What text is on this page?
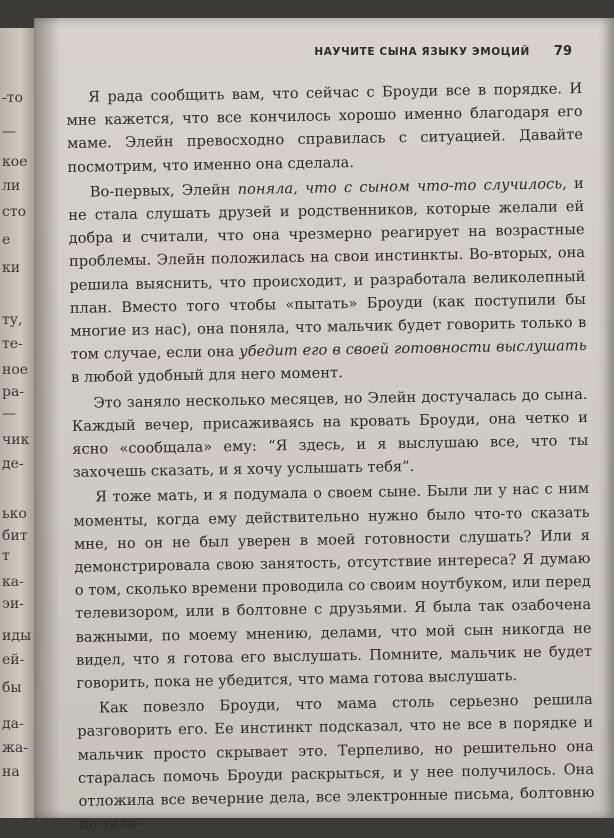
-то
—
кое
ли
сто
е
ки
ту,
те-
ное
ра-
—
чик
де-
ько
бит
т
ка-
эи-
иды
ей-
бы
да-
жа-
на
НАУЧИТЕ СЫНА ЯЗЫКУ ЭМОЦИЙ 79

Я рада сообщить вам, что сейчас с Броуди все в порядке. И мне кажется, что все кончилось хорошо именно благодаря его маме. Элейн превосходно справилась с ситуацией. Давайте посмотрим, что именно она сделала.

Во-первых, Элейн поняла, что с сыном что-то случилось, и не стала слушать друзей и родственников, которые желали ей добра и считали, что она чрезмерно реагирует на возрастные проблемы. Элейн положилась на свои инстинкты. Во-вторых, она решила выяснить, что происходит, и разработала великолепный план. Вместо того чтобы «пытать» Броуди (как поступили бы многие из нас), она поняла, что мальчик будет говорить только в том случае, если она убедит его в своей готовности выслушать в любой удобный для него момент.

Это заняло несколько месяцев, но Элейн достучалась до сына. Каждый вечер, присаживаясь на кровать Броуди, она четко и ясно «сообщала» ему: “Я здесь, и я выслушаю все, что ты захочешь сказать, и я хочу услышать тебя”.

Я тоже мать, и я подумала о своем сыне. Были ли у нас с ним моменты, когда ему действительно нужно было что-то сказать мне, но он не был уверен в моей готовности слушать? Или я демонстрировала свою занятость, отсутствие интереса? Я думаю о том, сколько времени проводила со своим ноутбуком, или перед телевизором, или в болтовне с друзьями. Я была так озабочена важными, по моему мнению, делами, что мой сын никогда не видел, что я готова его выслушать. Помните, мальчик не будет говорить, пока не убедится, что мама готова выслушать.

Как повезло Броуди, что мама столь серьезно решила разговорить его. Ее инстинкт подсказал, что не все в порядке и мальчик просто скрывает это. Терпеливо, но решительно она старалась помочь Броуди раскрыться, и у нее получилось. Она отложила все вечерние дела, все электронные письма, болтовню по теле-
